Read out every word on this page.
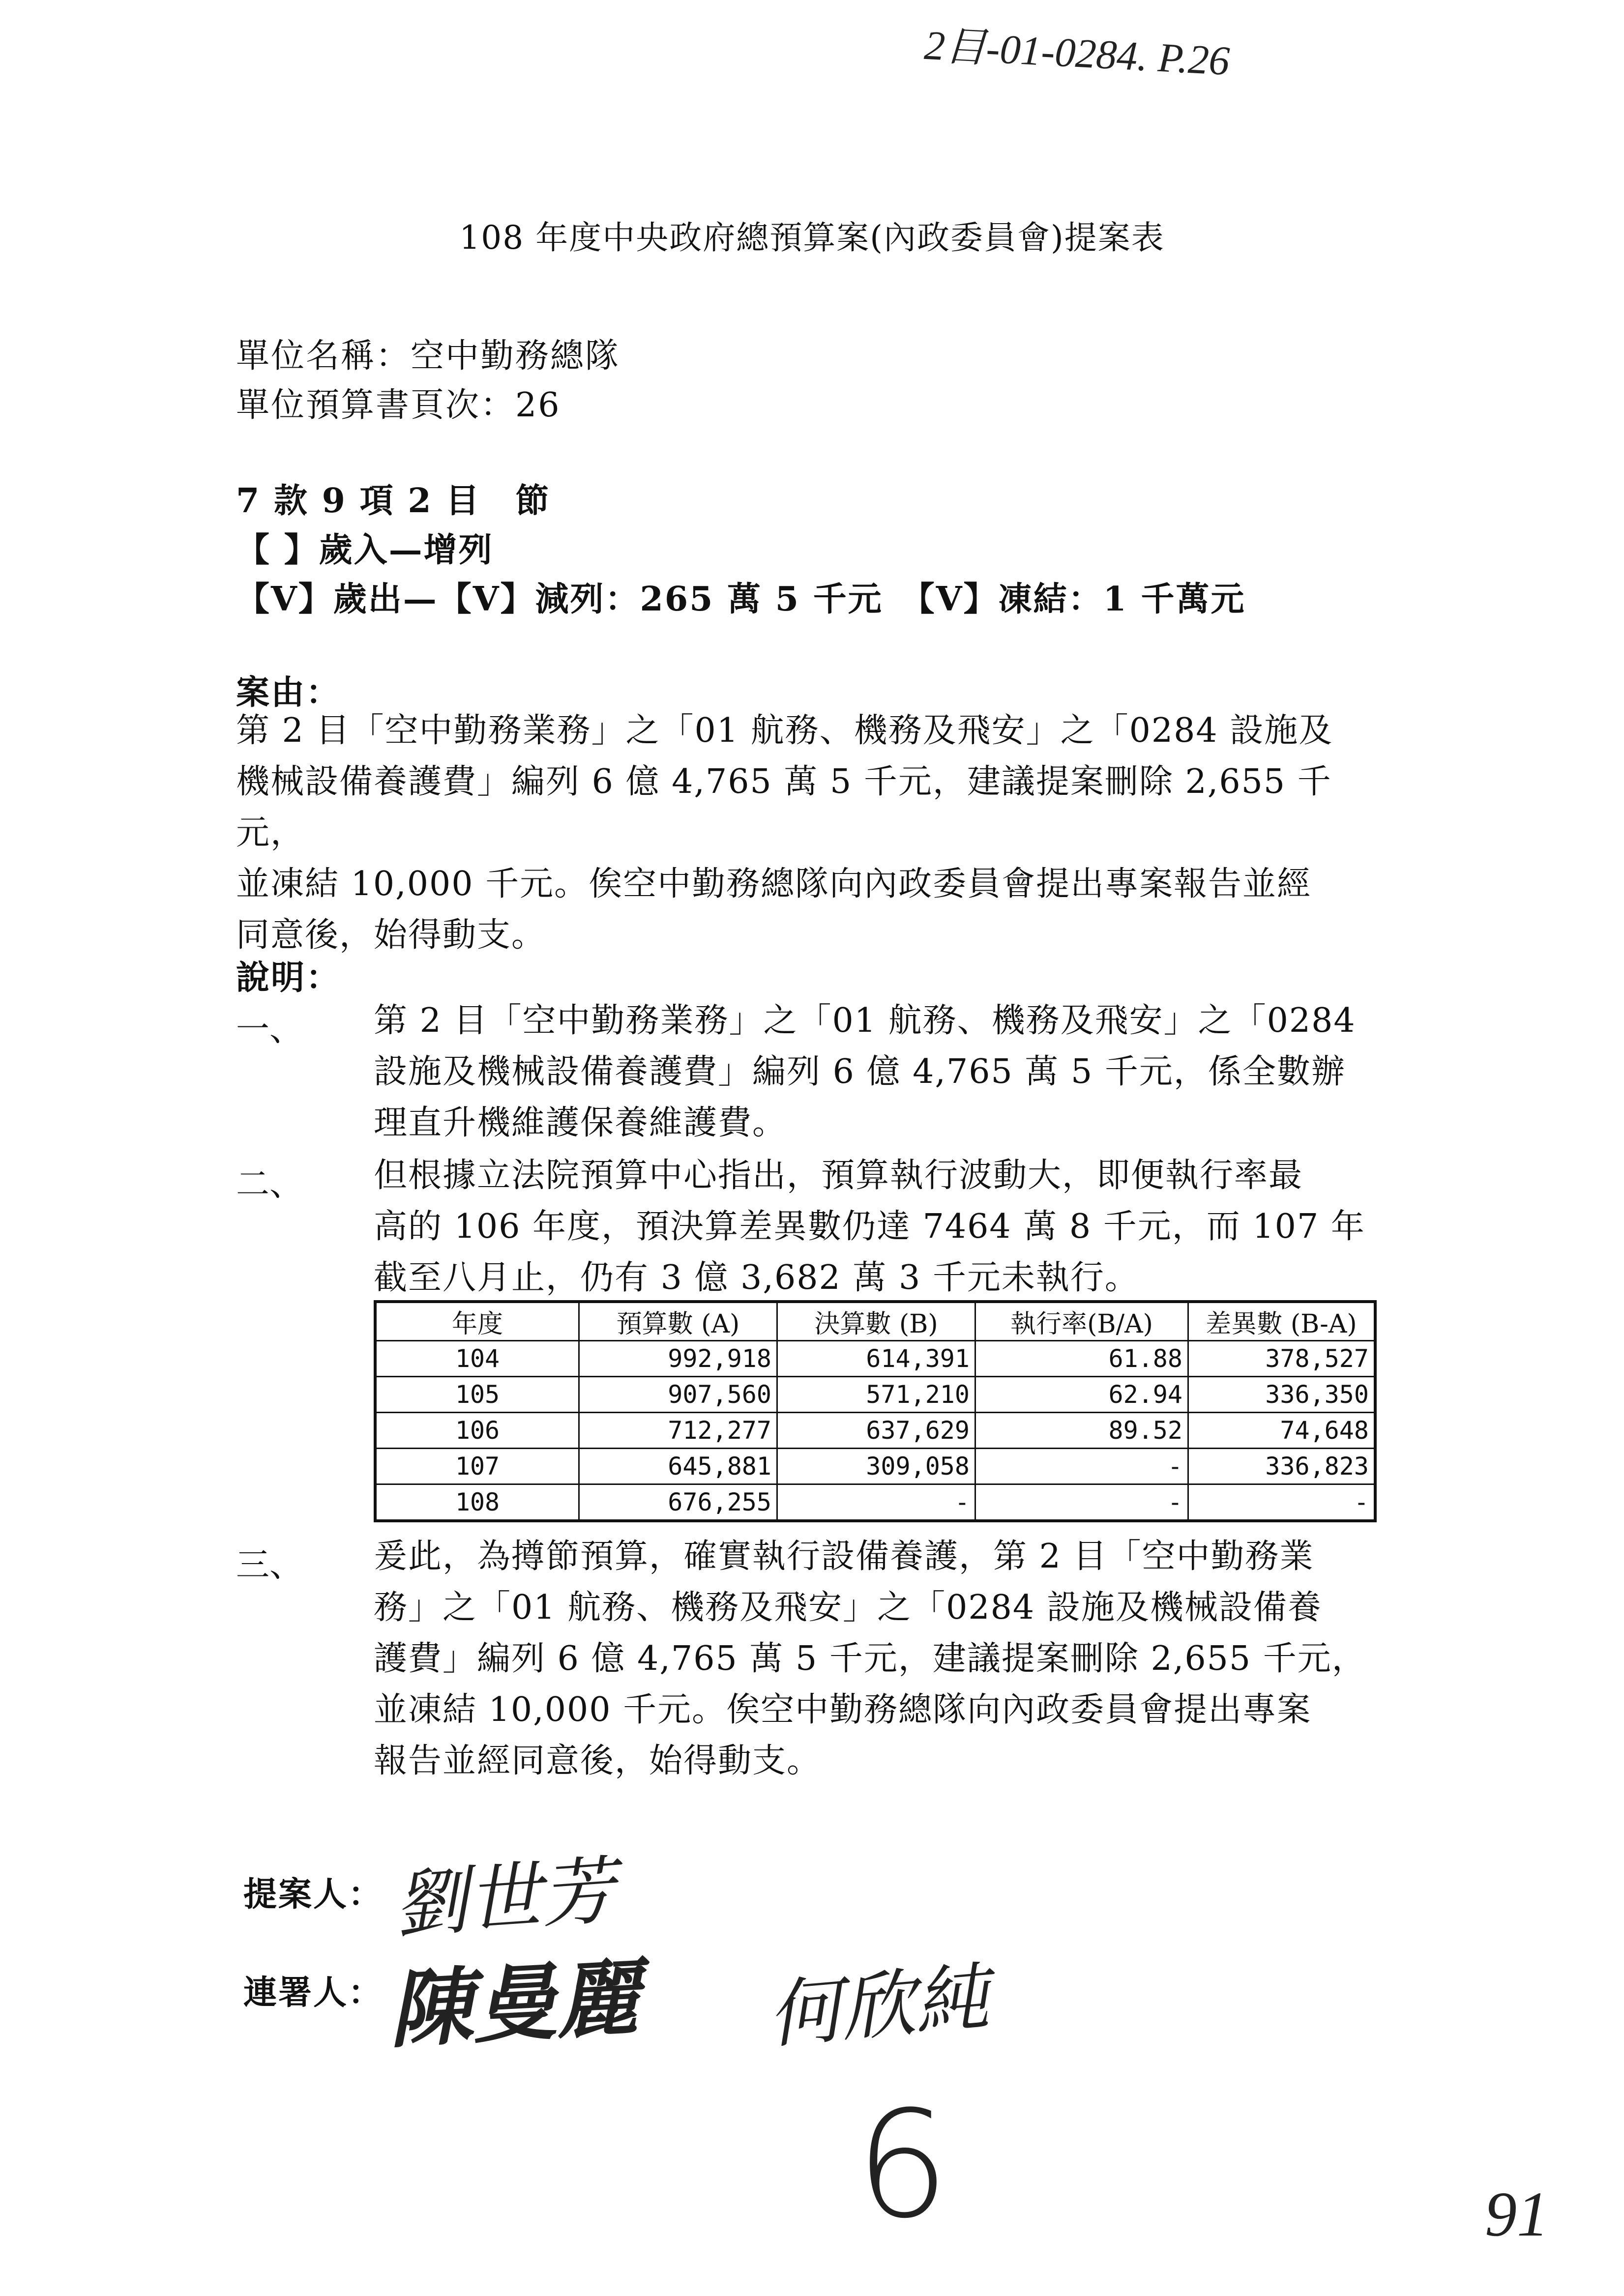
2目-01-0284. P.26
108 年度中央政府總預算案(內政委員會)提案表
單位名稱：空中勤務總隊
單位預算書頁次：26
7 款 9 項 2 目　節
【 】歲入—增列
【V】歲出—【V】減列：265 萬 5 千元　【V】凍結：1 千萬元
案由：
第 2 目「空中勤務業務」之「01 航務、機務及飛安」之「0284 設施及
機械設備養護費」編列 6 億 4,765 萬 5 千元，建議提案刪除 2,655 千元，
並凍結 10,000 千元。俟空中勤務總隊向內政委員會提出專案報告並經
同意後，始得動支。
說明：
一、 第 2 目「空中勤務業務」之「01 航務、機務及飛安」之「0284
設施及機械設備養護費」編列 6 億 4,765 萬 5 千元，係全數辦
理直升機維護保養維護費。
二、 但根據立法院預算中心指出，預算執行波動大，即便執行率最
高的 106 年度，預決算差異數仍達 7464 萬 8 千元，而 107 年
截至八月止，仍有 3 億 3,682 萬 3 千元未執行。
年度	預算數 (A)	決算數 (B)	執行率(B/A)	差異數 (B-A)
104	992,918	614,391	61.88	378,527
105	907,560	571,210	62.94	336,350
106	712,277	637,629	89.52	74,648
107	645,881	309,058	-	336,823
108	676,255	-	-	-
三、 爰此，為撙節預算，確實執行設備養護，第 2 目「空中勤務業
務」之「01 航務、機務及飛安」之「0284 設施及機械設備養
護費」編列 6 億 4,765 萬 5 千元，建議提案刪除 2,655 千元，
並凍結 10,000 千元。俟空中勤務總隊向內政委員會提出專案
報告並經同意後，始得動支。
提案人： 劉世芳
連署人： 陳曼麗 何欣純
6	91
